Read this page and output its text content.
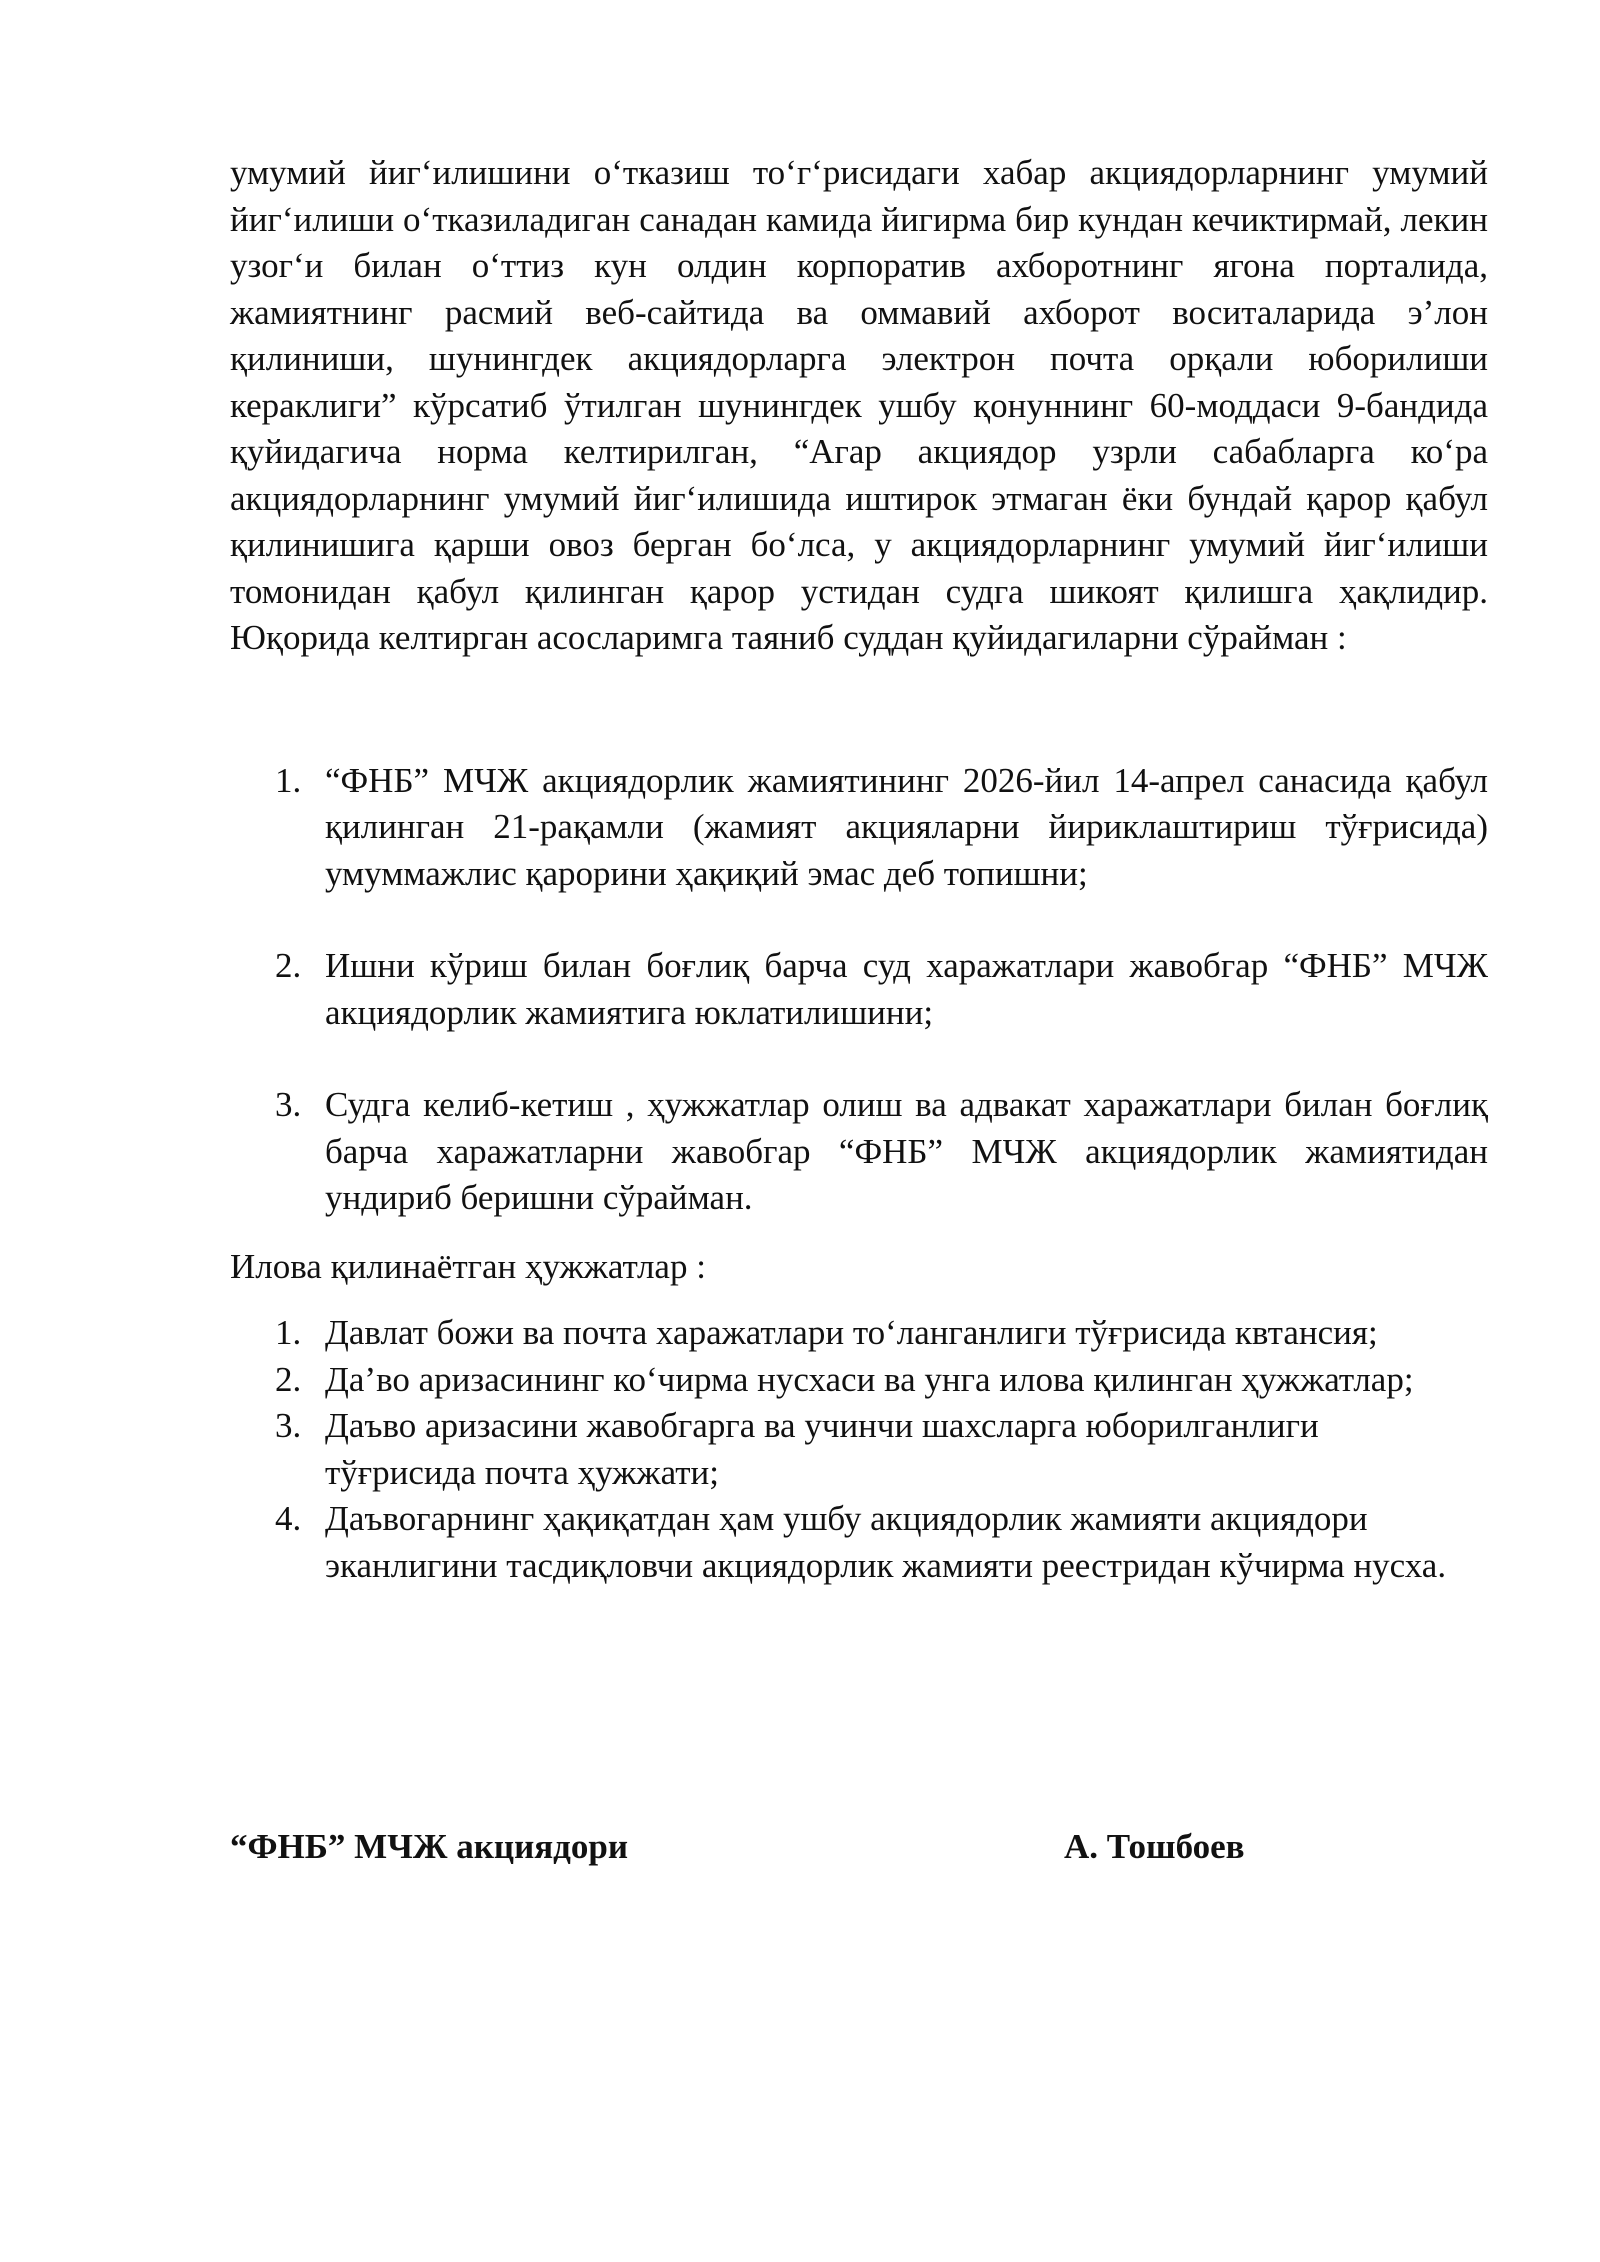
умумий йиг‘илишини о‘тказиш то‘г‘рисидаги хабар акциядорларнинг умумий йиг‘илиши о‘тказиладиган санадан камида йигирма бир кундан кечиктирмай, лекин узог‘и билан о‘ттиз кун олдин корпоратив ахборотнинг ягона порталида, жамиятнинг расмий веб-сайтида ва оммавий ахборот воситаларида э’лон қилиниши, шунингдек акциядорларга электрон почта орқали юборилиши кераклиги” кўрсатиб ўтилган шунингдек ушбу қонуннинг 60-моддаси 9-бандида қуйидагича норма келтирилган, “Агар акциядор узрли сабабларга ко‘ра акциядорларнинг умумий йиг‘илишида иштирок этмаган ёки бундай қарор қабул қилинишига қарши овоз берган бо‘лса, у акциядорларнинг умумий йиг‘илиши томонидан қабул қилинган қарор устидан судга шикоят қилишга ҳақлидир. Юқорида келтирган асосларимга таяниб суддан қуйидагиларни сўрайман :

1. “ФНБ” МЧЖ акциядорлик жамиятининг 2026-йил 14-апрел санасида қабул қилинган 21-рақамли (жамият акцияларни йириклаштириш тўғрисида) умуммажлис қарорини ҳақиқий эмас деб топишни;
2. Ишни кўриш билан боғлиқ барча суд харажатлари жавобгар “ФНБ” МЧЖ акциядорлик жамиятига юклатилишини;
3. Судга келиб-кетиш , ҳужжатлар олиш ва адвакат харажатлари билан боғлиқ барча харажатларни жавобгар “ФНБ” МЧЖ акциядорлик жамиятидан ундириб беришни сўрайман.

Илова қилинаётган ҳужжатлар :

1. Давлат божи ва почта харажатлари то‘ланганлиги тўғрисида квтансия;
2. Да’во аризасининг ко‘чирма нусхаси ва унга илова қилинган ҳужжатлар;
3. Даъво аризасини жавобгарга ва учинчи шахсларга юборилганлиги тўғрисида почта ҳужжати;
4. Даъвогарнинг ҳақиқатдан ҳам ушбу акциядорлик жамияти акциядори эканлигини тасдиқловчи акциядорлик жамияти реестридан кўчирма нусха.
“ФНБ” МЧЖ акциядори	А. Тошбоев
